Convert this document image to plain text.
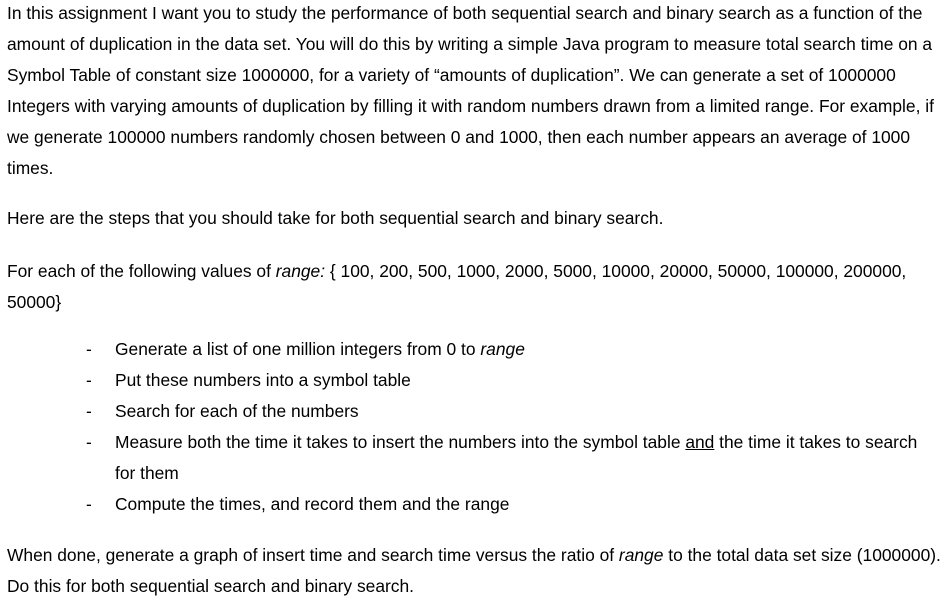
In this assignment I want you to study the performance of both sequential search and binary search as a function of the amount of duplication in the data set. You will do this by writing a simple Java program to measure total search time on a Symbol Table of constant size 1000000, for a variety of “amounts of duplication”. We can generate a set of 1000000 Integers with varying amounts of duplication by filling it with random numbers drawn from a limited range. For example, if we generate 100000 numbers randomly chosen between 0 and 1000, then each number appears an average of 1000 times.

Here are the steps that you should take for both sequential search and binary search.

For each of the following values of range: { 100, 200, 500, 1000, 2000, 5000, 10000, 20000, 50000, 100000, 200000, 50000}

- Generate a list of one million integers from 0 to range
- Put these numbers into a symbol table
- Search for each of the numbers
- Measure both the time it takes to insert the numbers into the symbol table and the time it takes to search for them
- Compute the times, and record them and the range

When done, generate a graph of insert time and search time versus the ratio of range to the total data set size (1000000). Do this for both sequential search and binary search.
